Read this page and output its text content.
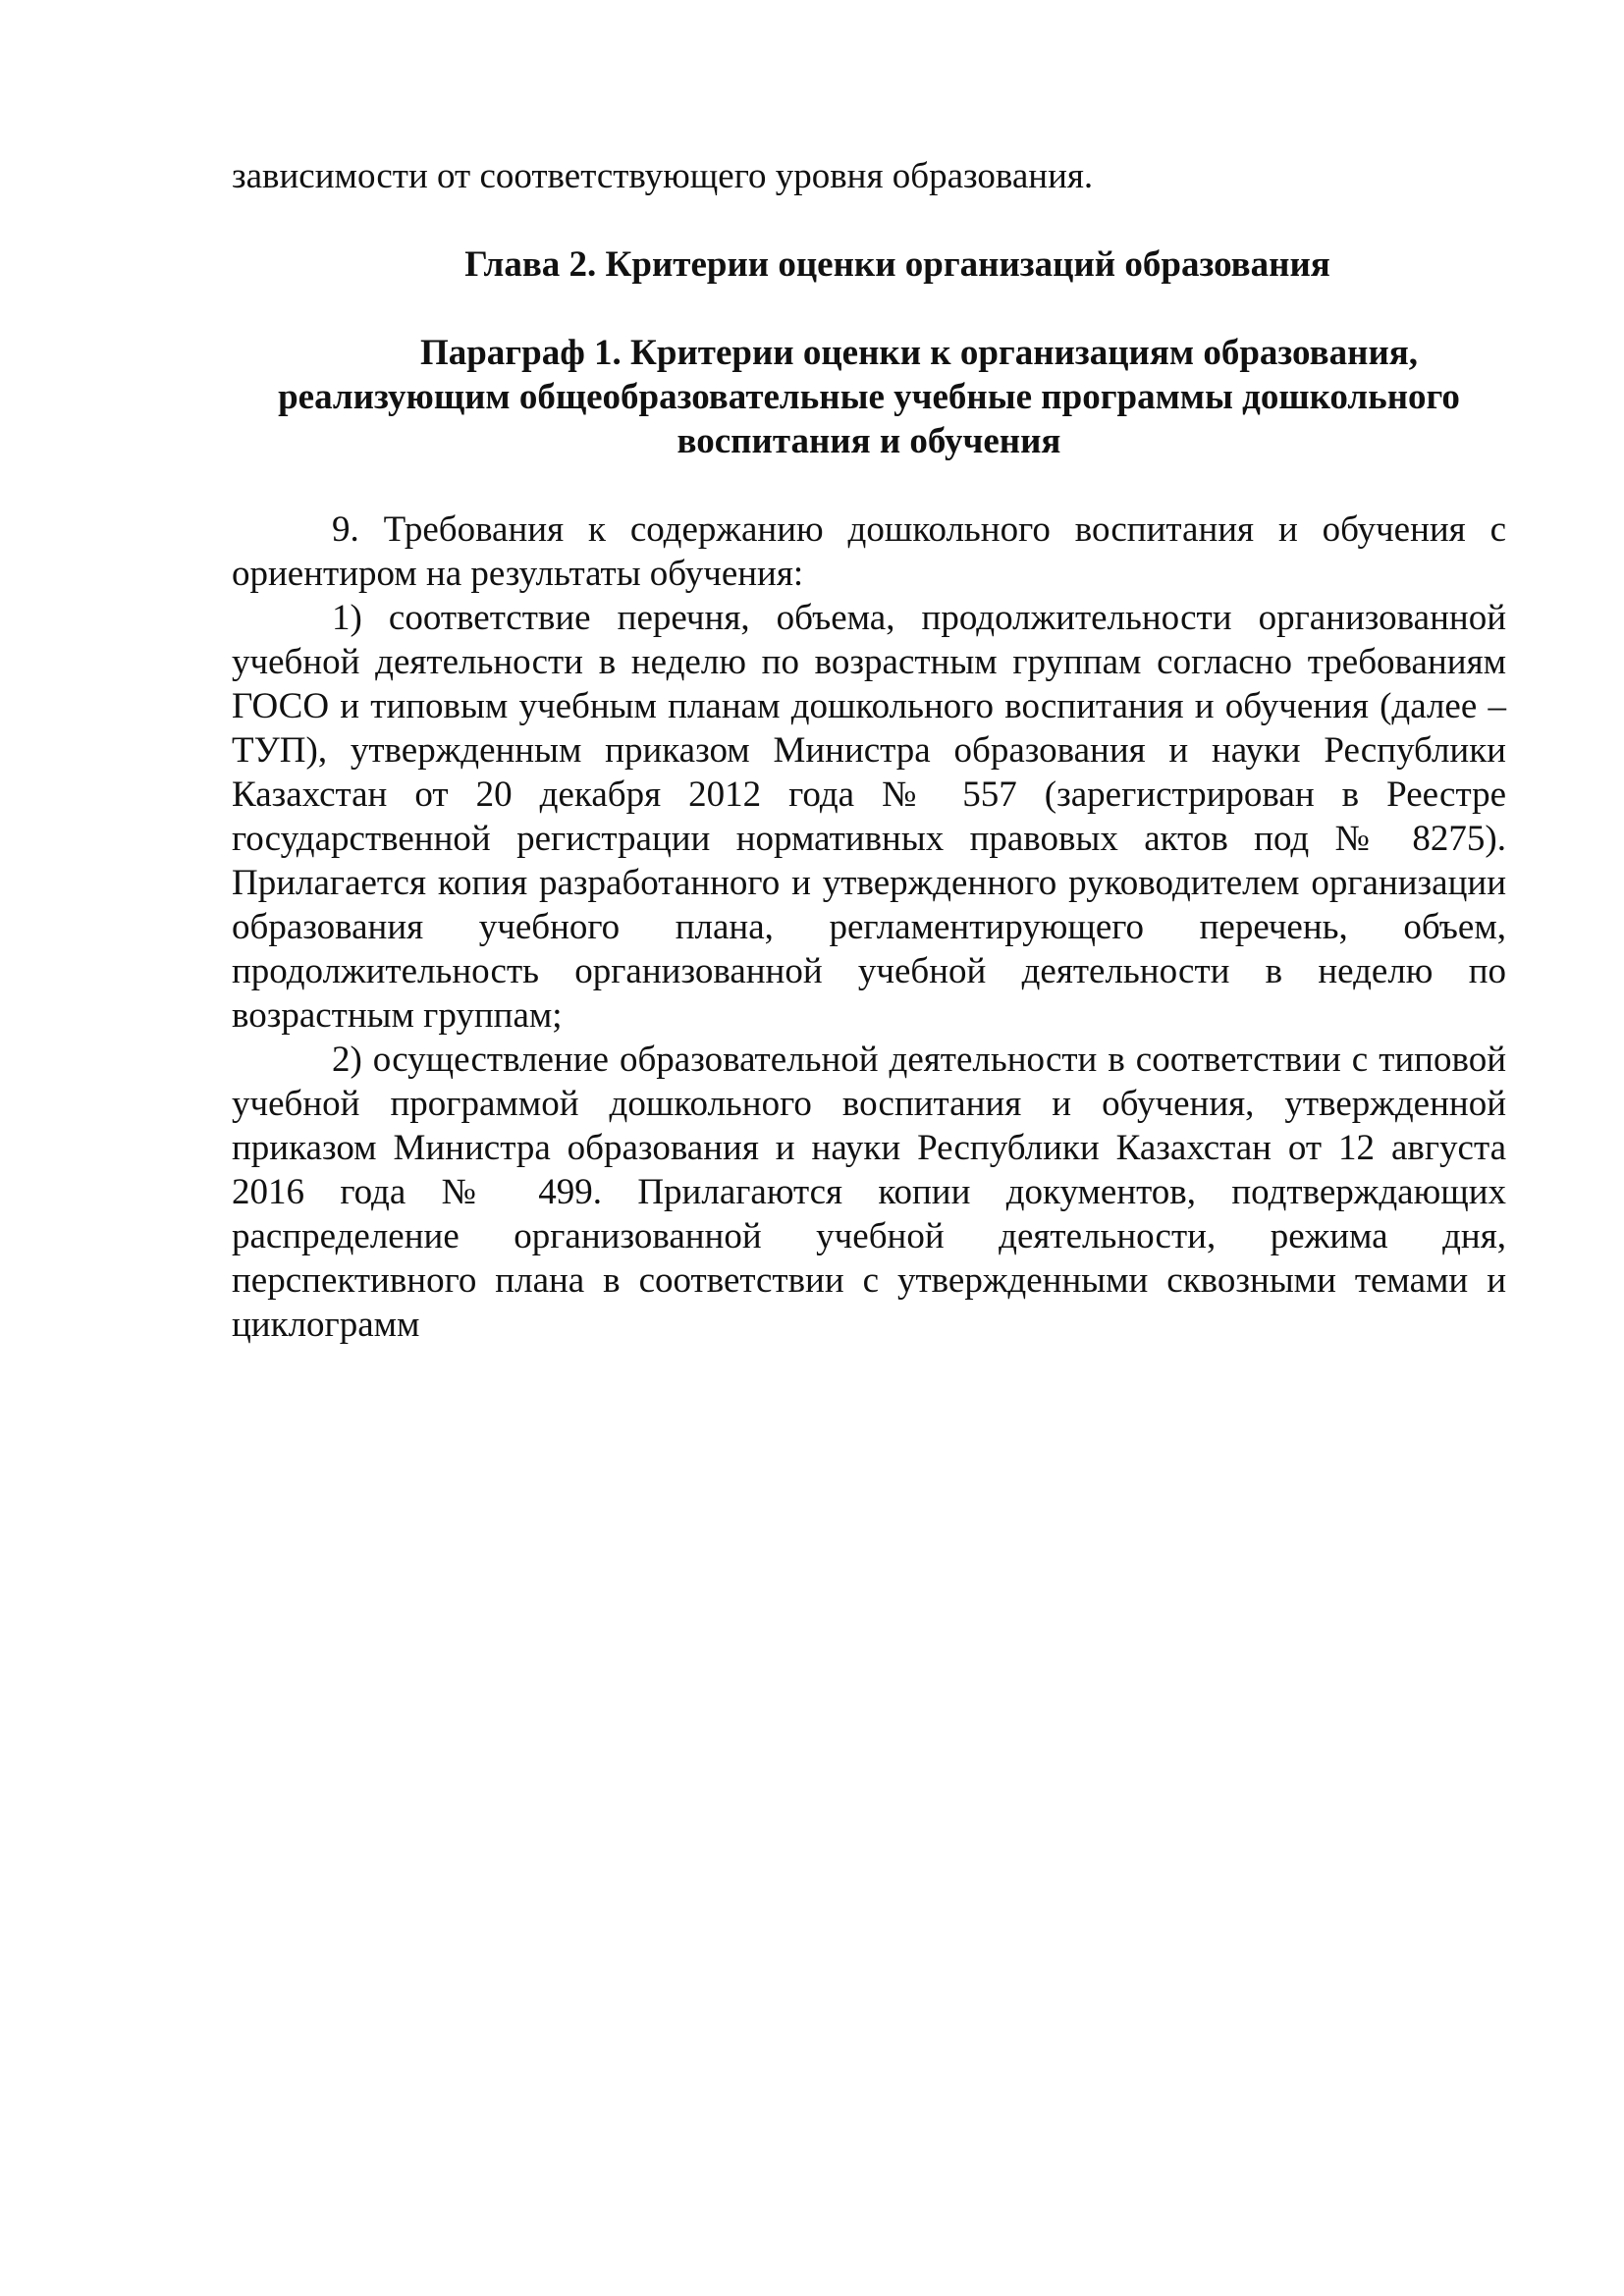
зависимости от соответствующего уровня образования.

Глава 2. Критерии оценки организаций образования

Параграф 1. Критерии оценки к организациям образования,
реализующим общеобразовательные учебные программы дошкольного
воспитания и обучения

9. Требования к содержанию дошкольного воспитания и обучения с ориентиром на результаты обучения:

1) соответствие перечня, объема, продолжительности организованной учебной деятельности в неделю по возрастным группам согласно требованиям ГОСО и типовым учебным планам дошкольного воспитания и обучения (далее – ТУП), утвержденным приказом Министра образования и науки Республики Казахстан от 20 декабря 2012 года № 557 (зарегистрирован в Реестре государственной регистрации нормативных правовых актов под № 8275). Прилагается копия разработанного и утвержденного руководителем организации образования учебного плана, регламентирующего перечень, объем, продолжительность организованной учебной деятельности в неделю по возрастным группам;

2) осуществление образовательной деятельности в соответствии с типовой учебной программой дошкольного воспитания и обучения, утвержденной приказом Министра образования и науки Республики Казахстан от 12 августа 2016 года № 499. Прилагаются копии документов, подтверждающих распределение организованной учебной деятельности, режима дня, перспективного плана в соответствии с утвержденными сквозными темами и циклограмм
